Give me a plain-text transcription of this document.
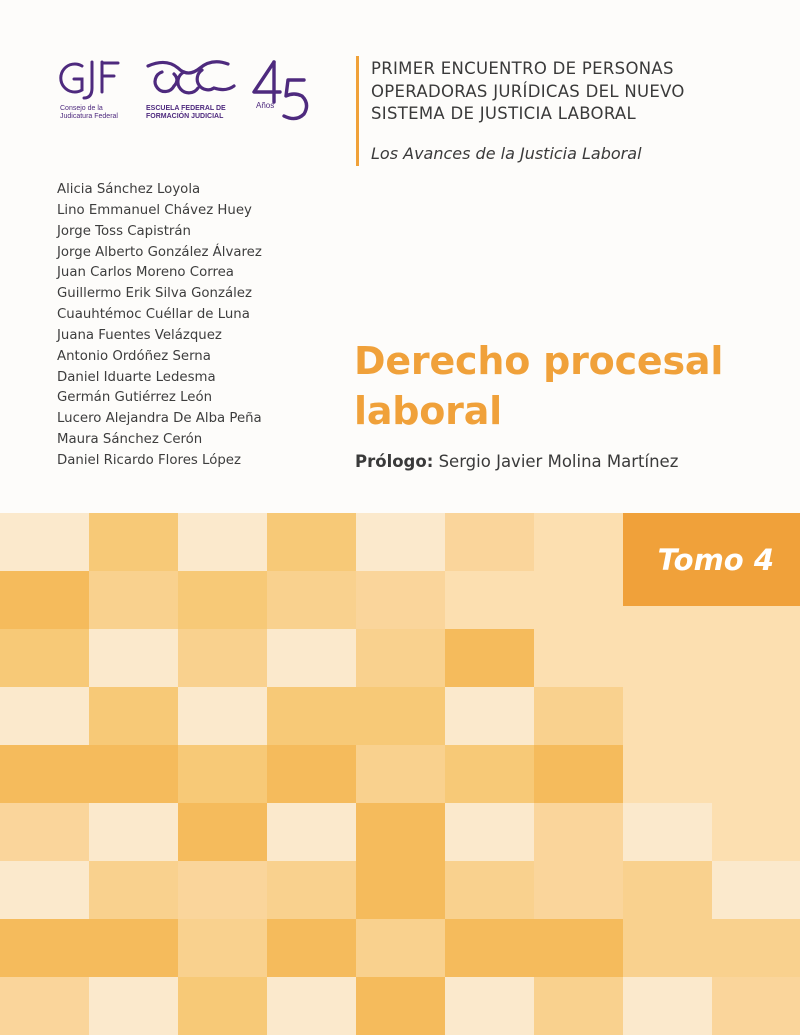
Consejo de la
Judicatura Federal
ESCUELA FEDERAL DE
FORMACIÓN JUDICIAL
Años
PRIMER ENCUENTRO DE PERSONAS
OPERADORAS JURÍDICAS DEL NUEVO
SISTEMA DE JUSTICIA LABORAL
Los Avances de la Justicia Laboral
Alicia Sánchez Loyola
Lino Emmanuel Chávez Huey
Jorge Toss Capistrán
Jorge Alberto González Álvarez
Juan Carlos Moreno Correa
Guillermo Erik Silva González
Cuauhtémoc Cuéllar de Luna
Juana Fuentes Velázquez
Antonio Ordóñez Serna
Daniel Iduarte Ledesma
Germán Gutiérrez León
Lucero Alejandra De Alba Peña
Maura Sánchez Cerón
Daniel Ricardo Flores López
Derecho procesal
laboral
Prólogo: Sergio Javier Molina Martínez
Tomo 4
